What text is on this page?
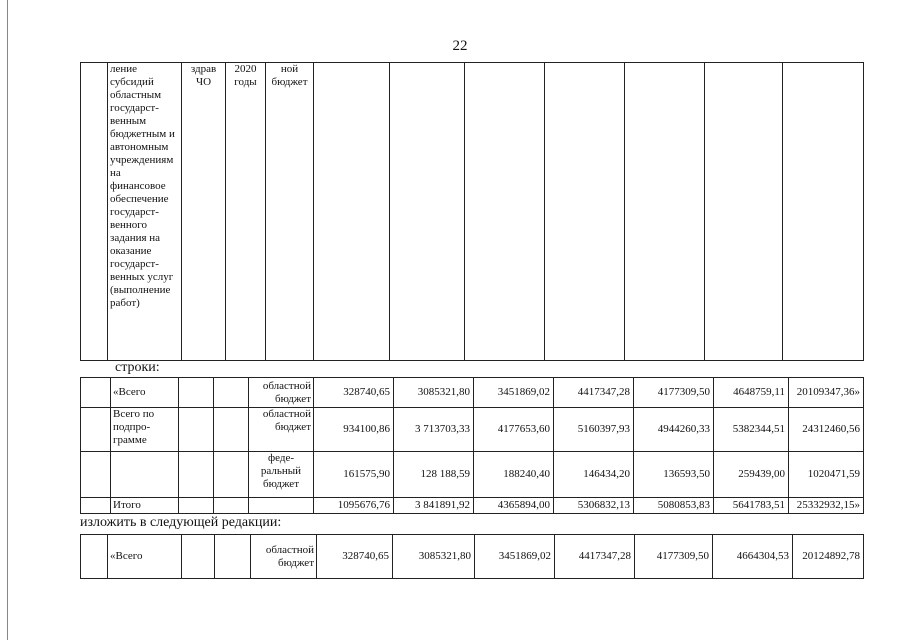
22
	ление субсидий областным государст-венным бюджетным и автономным учреждениям на финансовое обеспечение государст-венного задания на оказание государст-венных услуг (выполнение работ)	здрав ЧО	2020 годы	ной бюджет							
строки:
	«Всего			областной бюджет	328740,65	3085321,80	3451869,02	4417347,28	4177309,50	4648759,11	20109347,36»
	Всего по подпро-грамме			областной бюджет	934100,86	3 713703,33	4177653,60	5160397,93	4944260,33	5382344,51	24312460,56
				феде-ральный бюджет	161575,90	128 188,59	188240,40	146434,20	136593,50	259439,00	1020471,59
	Итого				1095676,76	3 841891,92	4365894,00	5306832,13	5080853,83	5641783,51	25332932,15»
изложить в следующей редакции:
	«Всего			областной бюджет	328740,65	3085321,80	3451869,02	4417347,28	4177309,50	4664304,53	20124892,78
